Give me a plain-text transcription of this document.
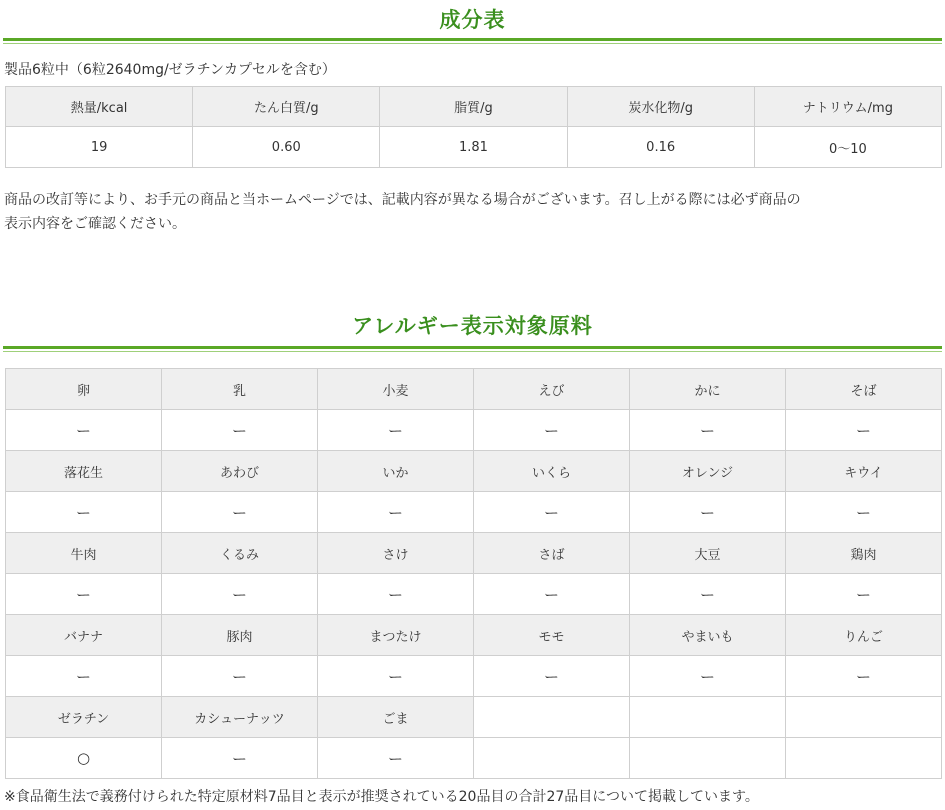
成分表
製品6粒中（6粒2640mg/ゼラチンカプセルを含む）
熱量/kcal	たん白質/g	脂質/g	炭水化物/g	ナトリウム/mg
19	0.60	1.81	0.16	0〜10
商品の改訂等により、お手元の商品と当ホームページでは、記載内容が異なる場合がございます。召し上がる際には必ず商品の
表示内容をご確認ください。
アレルギー表示対象原料
卵	乳	小麦	えび	かに	そば
ー	ー	ー	ー	ー	ー
落花生	あわび	いか	いくら	オレンジ	キウイ
ー	ー	ー	ー	ー	ー
牛肉	くるみ	さけ	さば	大豆	鶏肉
ー	ー	ー	ー	ー	ー
バナナ	豚肉	まつたけ	モモ	やまいも	りんご
ー	ー	ー	ー	ー	ー
ゼラチン	カシューナッツ	ごま			
○	ー	ー			
※食品衛生法で義務付けられた特定原材料7品目と表示が推奨されている20品目の合計27品目について掲載しています。
